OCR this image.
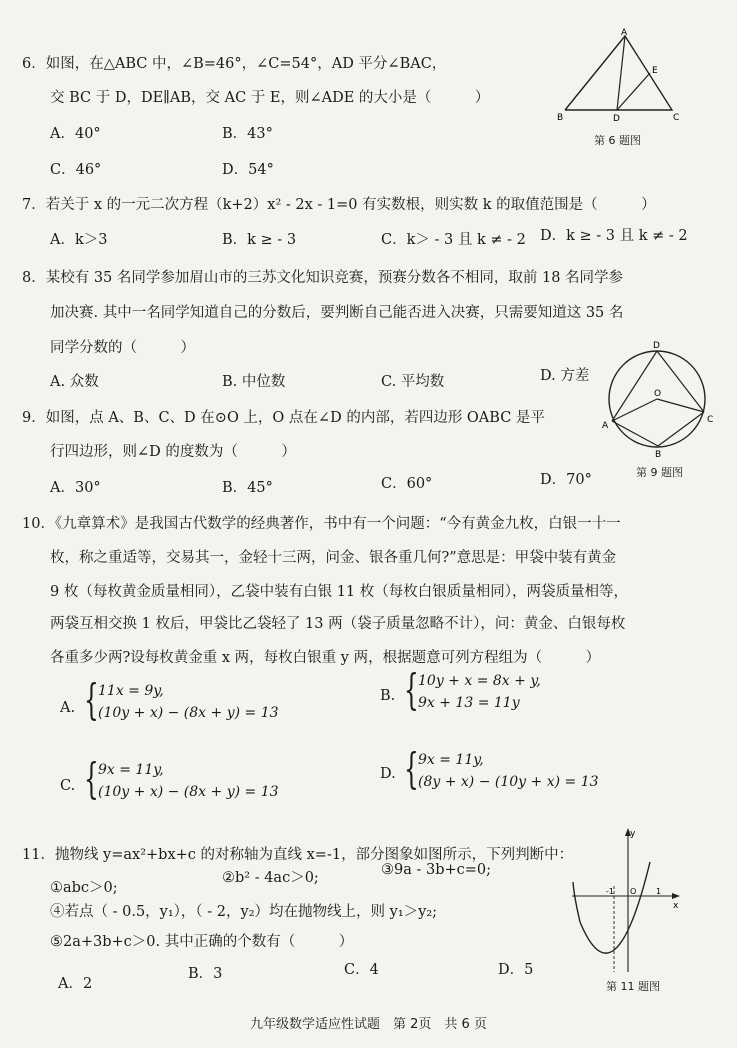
6．如图，在△ABC 中，∠B=46°，∠C=54°，AD 平分∠BAC，
交 BC 于 D，DE∥AB，交 AC 于 E，则∠ADE 的大小是（　　　）
A．40°	B．43°
C．46°	D．54°
A
B	C
D
E
第 6 题图
7．若关于 x 的一元二次方程（k+2）x² - 2x - 1=0 有实数根，则实数 k 的取值范围是（　　　）
A．k＞3	B．k ≥ - 3	C．k＞ - 3 且 k ≠ - 2 D．k ≥ - 3 且 k ≠ - 2
8．某校有 35 名同学参加眉山市的三苏文化知识竞赛，预赛分数各不相同，取前 18 名同学参
加决赛. 其中一名同学知道自己的分数后，要判断自己能否进入决赛，只需要知道这 35 名
同学分数的（　　　）
A. 众数	B. 中位数	C. 平均数	D. 方差
9．如图，点 A、B、C、D 在⊙O 上，O 点在∠D 的内部，若四边形 OABC 是平
行四边形，则∠D 的度数为（　　　）
A．30°	B．45°	C．60°	D．70°
D
O
A
C
B
第 9 题图
10．《九章算术》是我国古代数学的经典著作，书中有一个问题：“今有黄金九枚，白银一十一
枚，称之重适等，交易其一，金轻十三两，问金、银各重几何?”意思是：甲袋中装有黄金
9 枚（每枚黄金质量相同），乙袋中装有白银 11 枚（每枚白银质量相同），两袋质量相等，
两袋互相交换 1 枚后，甲袋比乙袋轻了 13 两（袋子质量忽略不计），问：黄金、白银每枚
各重多少两?设每枚黄金重 x 两，每枚白银重 y 两，根据题意可列方程组为（　　　）
A. { 11x = 9y,
(10y + x) − (8x + y) = 13
B. { 10y + x = 8x + y,
9x + 13 = 11y
C. { 9x = 11y,
(10y + x) − (8x + y) = 13
D. { 9x = 11y,
(8y + x) − (10y + x) = 13
11．抛物线 y=ax²+bx+c 的对称轴为直线 x=-1，部分图象如图所示，下列判断中：
①abc＞0;
②b² - 4ac＞0;	③9a - 3b+c=0;
④若点（ - 0.5，y₁），（ - 2，y₂）均在抛物线上，则 y₁＞y₂;
⑤2a+3b+c＞0. 其中正确的个数有（　　　）
A．2
B．3	C．4	D．5
y
x
-1 O 1
第 11 题图
九年级数学适应性试题　第 2页　共 6 页
